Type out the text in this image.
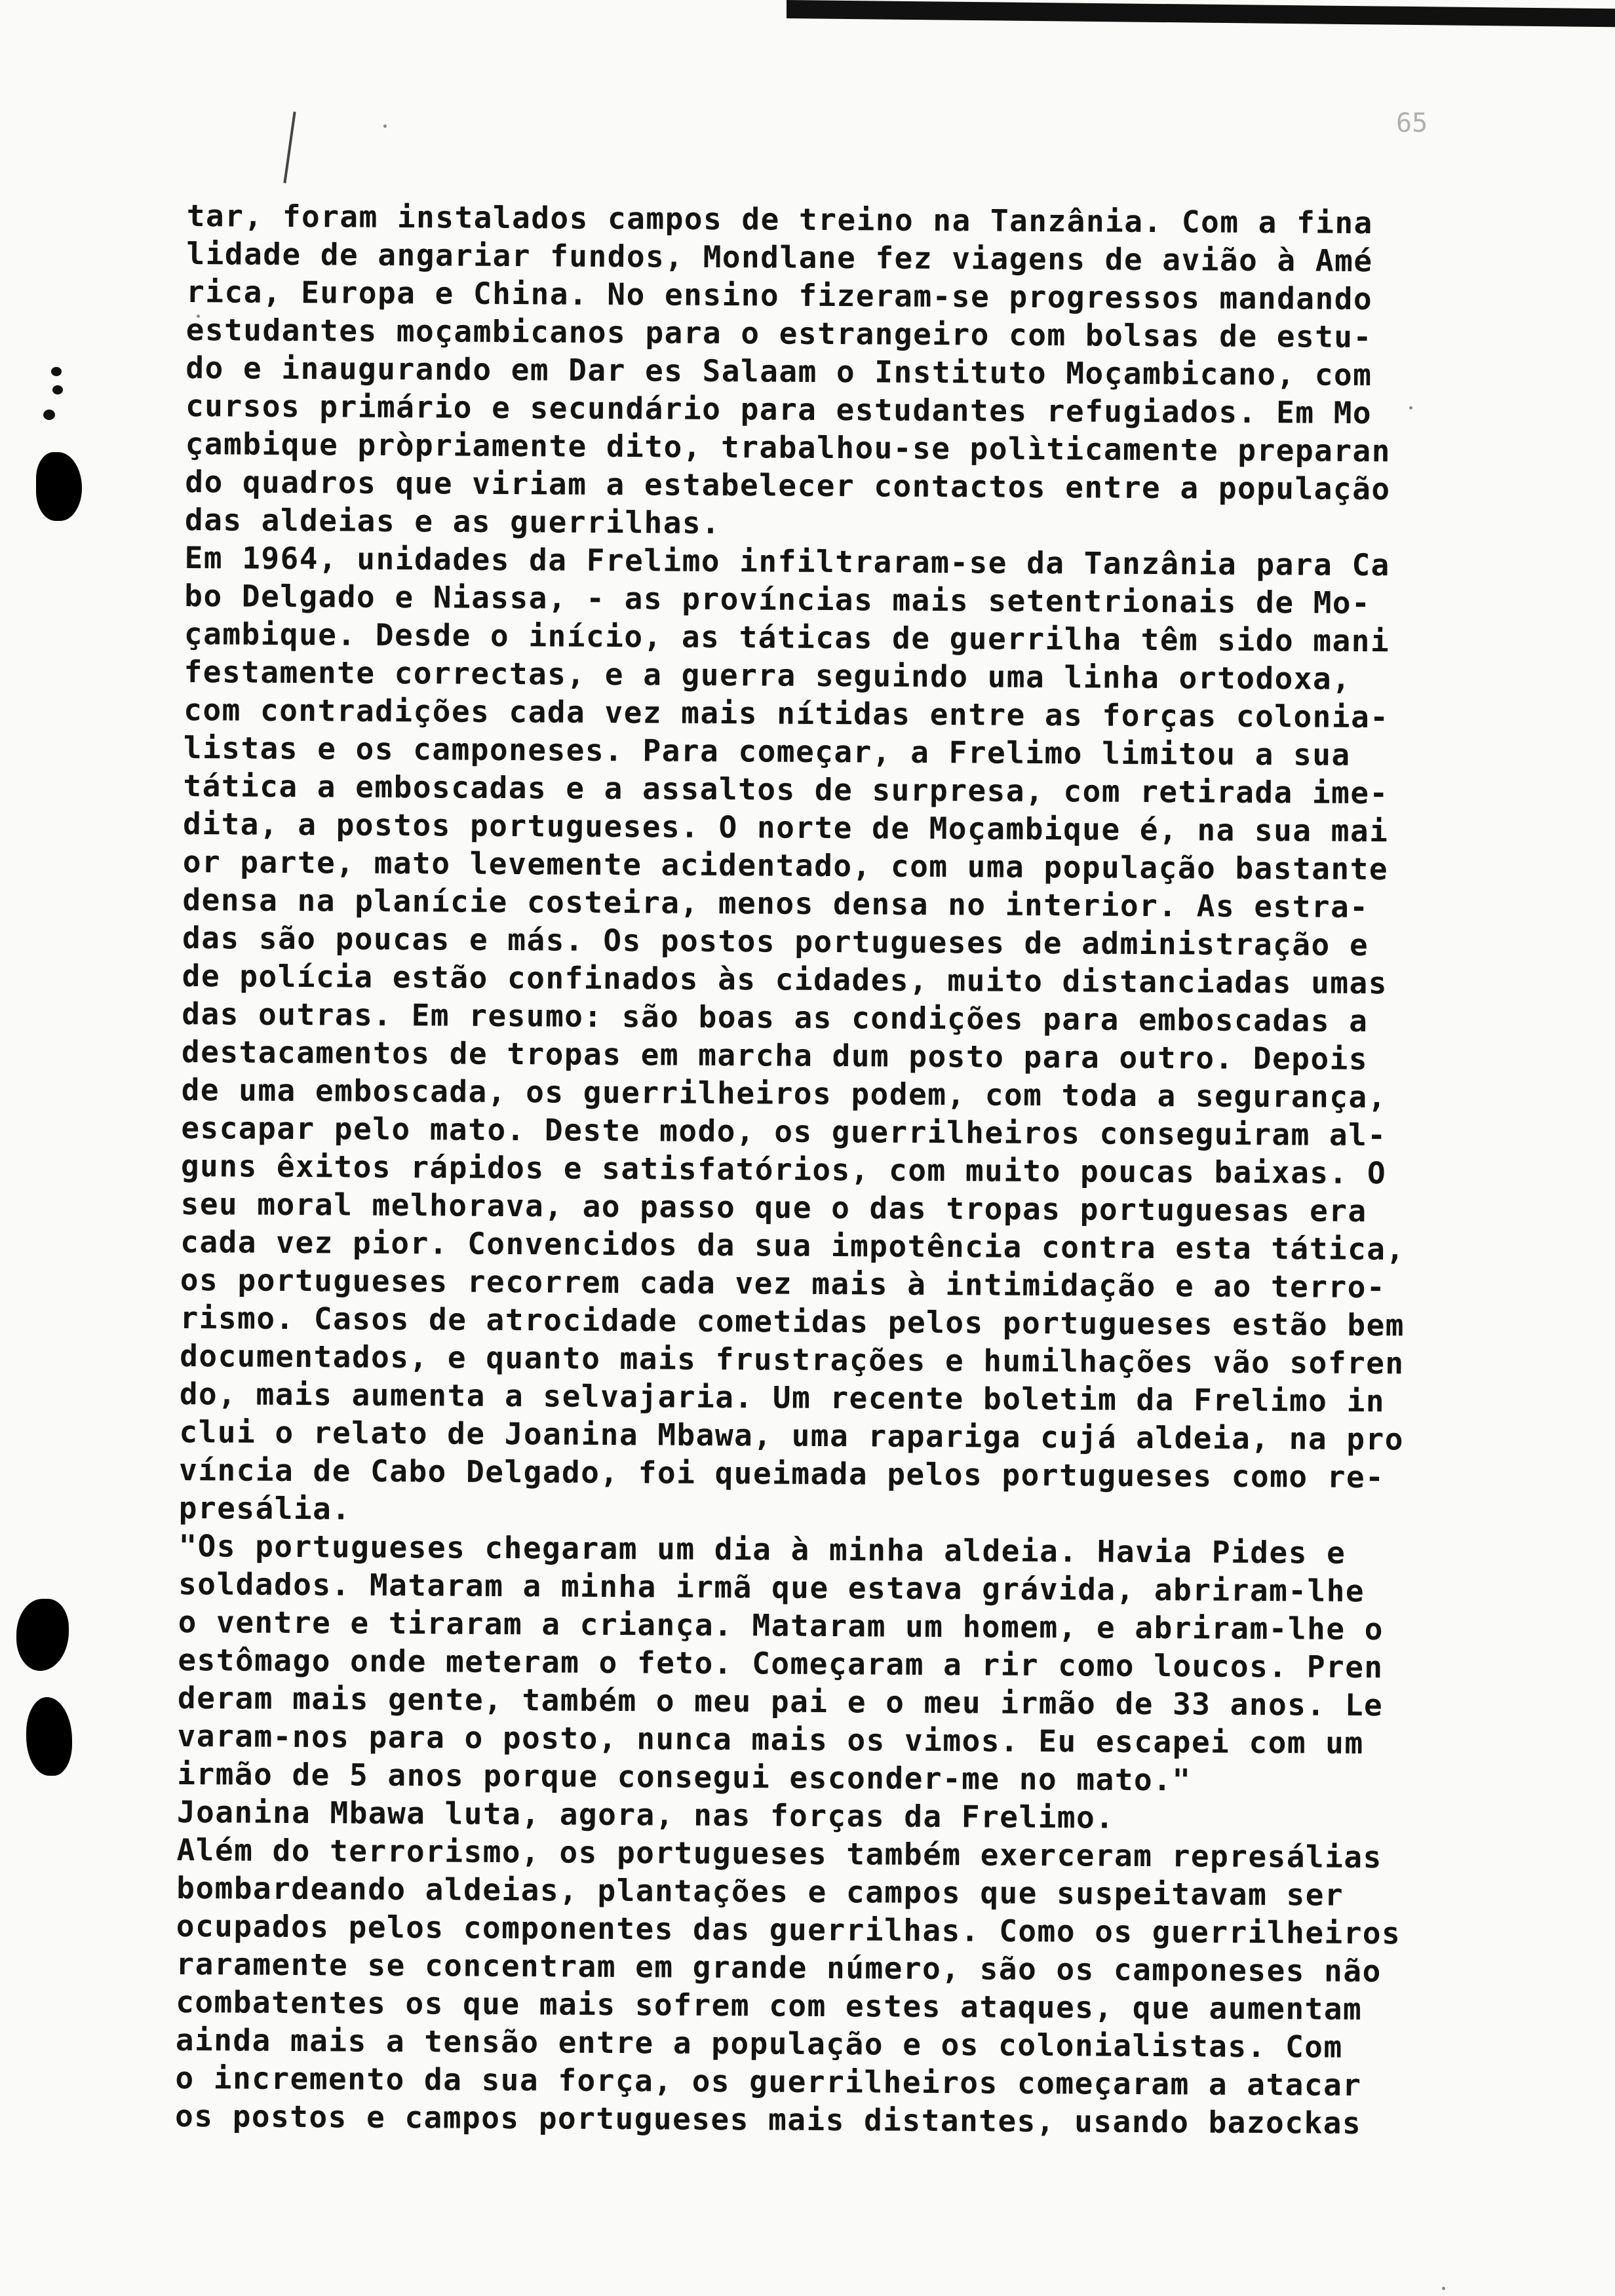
65
tar, foram instalados campos de treino na Tanzânia. Com a fina
lidade de angariar fundos, Mondlane fez viagens de avião à Amé
rica, Europa e China. No ensino fizeram-se progressos mandando
estudantes moçambicanos para o estrangeiro com bolsas de estu-
do e inaugurando em Dar es Salaam o Instituto Moçambicano, com
cursos primário e secundário para estudantes refugiados. Em Mo
çambique pròpriamente dito, trabalhou-se polìticamente preparan
do quadros que viriam a estabelecer contactos entre a população
das aldeias e as guerrilhas.
Em 1964, unidades da Frelimo infiltraram-se da Tanzânia para Ca
bo Delgado e Niassa, - as províncias mais setentrionais de Mo-
çambique. Desde o início, as táticas de guerrilha têm sido mani
festamente correctas, e a guerra seguindo uma linha ortodoxa,
com contradições cada vez mais nítidas entre as forças colonia-
listas e os camponeses. Para começar, a Frelimo limitou a sua
tática a emboscadas e a assaltos de surpresa, com retirada ime-
dita, a postos portugueses. O norte de Moçambique é, na sua mai
or parte, mato levemente acidentado, com uma população bastante
densa na planície costeira, menos densa no interior. As estra-
das são poucas e más. Os postos portugueses de administração e
de polícia estão confinados às cidades, muito distanciadas umas
das outras. Em resumo: são boas as condições para emboscadas a
destacamentos de tropas em marcha dum posto para outro. Depois
de uma emboscada, os guerrilheiros podem, com toda a segurança,
escapar pelo mato. Deste modo, os guerrilheiros conseguiram al-
guns êxitos rápidos e satisfatórios, com muito poucas baixas. O
seu moral melhorava, ao passo que o das tropas portuguesas era
cada vez pior. Convencidos da sua impotência contra esta tática,
os portugueses recorrem cada vez mais à intimidação e ao terro-
rismo. Casos de atrocidade cometidas pelos portugueses estão bem
documentados, e quanto mais frustrações e humilhações vão sofren
do, mais aumenta a selvajaria. Um recente boletim da Frelimo in
clui o relato de Joanina Mbawa, uma rapariga cujá aldeia, na pro
víncia de Cabo Delgado, foi queimada pelos portugueses como re-
presália.
"Os portugueses chegaram um dia à minha aldeia. Havia Pides e
soldados. Mataram a minha irmã que estava grávida, abriram-lhe
o ventre e tiraram a criança. Mataram um homem, e abriram-lhe o
estômago onde meteram o feto. Começaram a rir como loucos. Pren
deram mais gente, também o meu pai e o meu irmão de 33 anos. Le
varam-nos para o posto, nunca mais os vimos. Eu escapei com um
irmão de 5 anos porque consegui esconder-me no mato."
Joanina Mbawa luta, agora, nas forças da Frelimo.
Além do terrorismo, os portugueses também exerceram represálias
bombardeando aldeias, plantações e campos que suspeitavam ser
ocupados pelos componentes das guerrilhas. Como os guerrilheiros
raramente se concentram em grande número, são os camponeses não
combatentes os que mais sofrem com estes ataques, que aumentam
ainda mais a tensão entre a população e os colonialistas. Com
o incremento da sua força, os guerrilheiros começaram a atacar
os postos e campos portugueses mais distantes, usando bazockas
